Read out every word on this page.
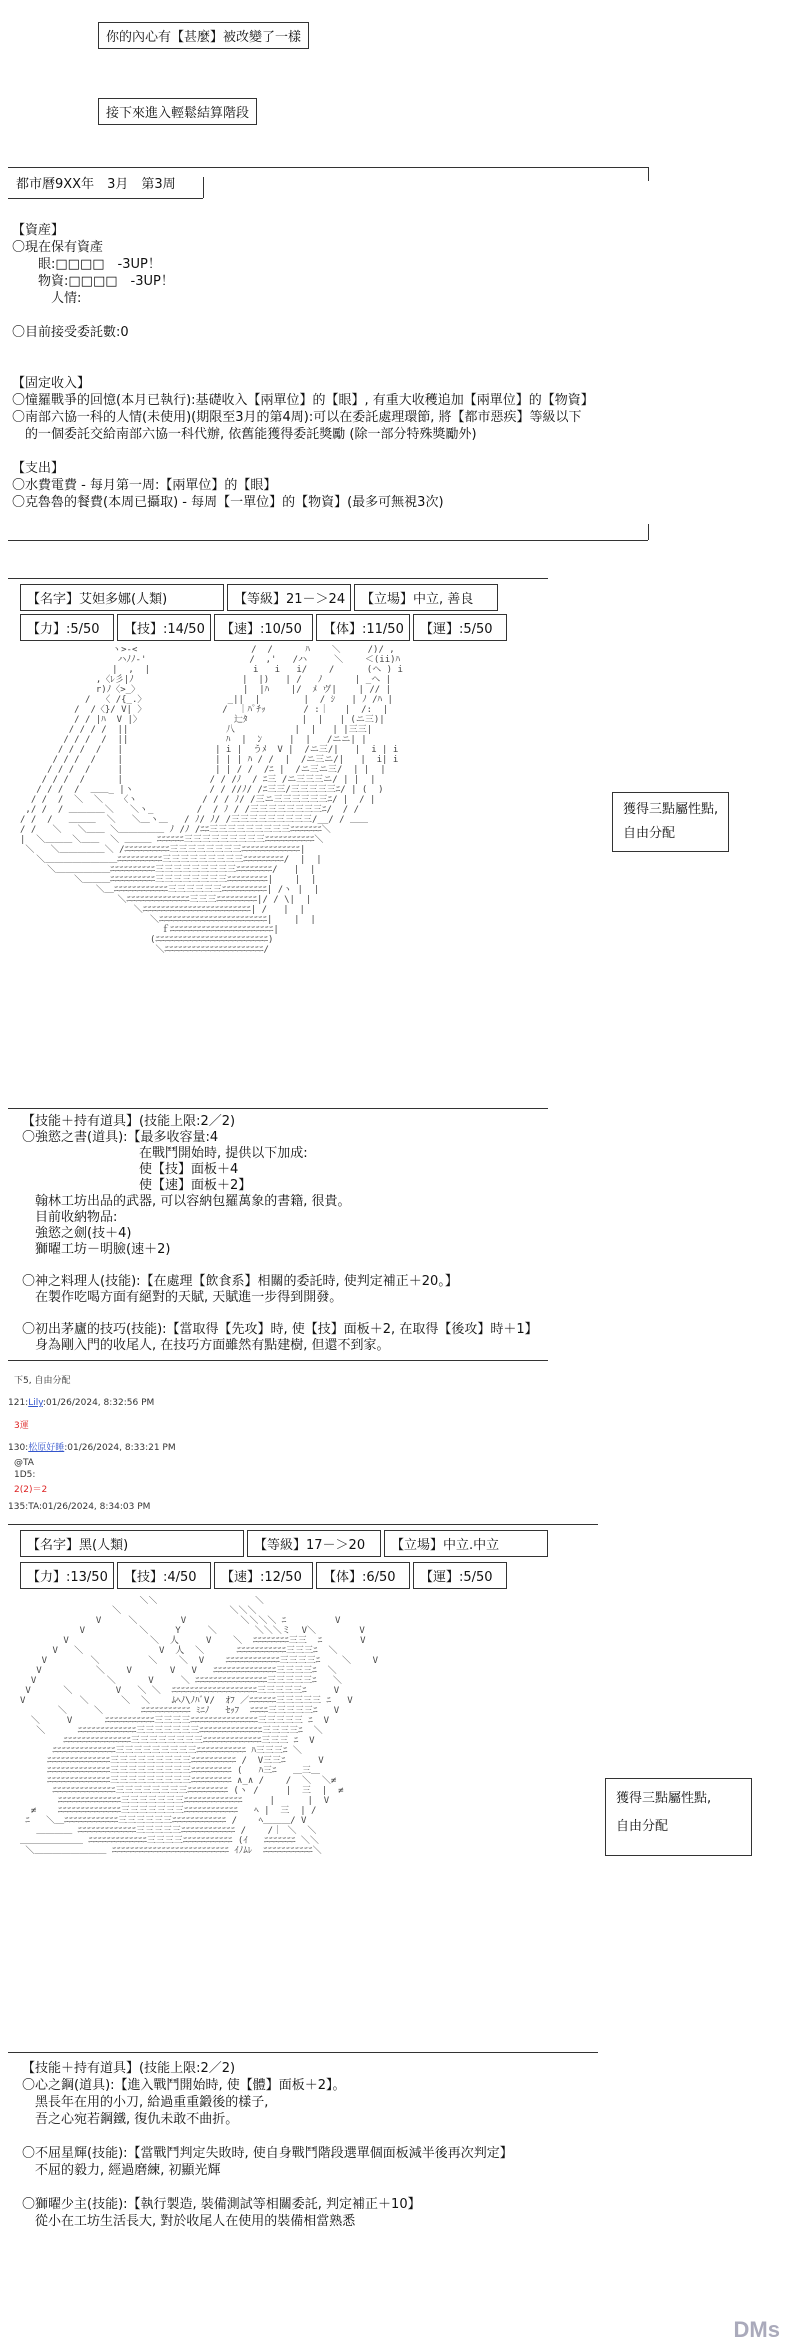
你的內心有【甚麼】被改變了一樣
接下來進入輕鬆結算階段
都市曆9XX年　3月　第3周
【資産】
〇現在保有資產
　　眼:□□□□　-3UP！
　　物資:□□□□　-3UP！
　　　人情:

〇目前接受委託數:0

【固定收入】
〇憧羅戰爭的回憶(本月已執行):基礎收入【兩單位】的【眼】, 有重大收穫追加【兩單位】的【物資】
〇南部六協一科的人情(未使用)(期限至3月的第4周):可以在委託處理環節, 將【都市惡疾】等級以下
　的一個委託交給南部六協一科代辦, 依舊能獲得委託獎勵 (除一部分特殊獎勵外)

【支出】
〇水費電費 - 每月第一周:【兩單位】的【眼】
〇克魯魯的餐費(本周已攝取) - 每周【一單位】的【物資】(最多可無視3次)
【名字】艾妲多娜(人類)	【等級】21－＞24	【立場】中立, 善良
【力】:5/50	【技】:14/50	【速】:10/50	【体】:11/50	【運】:5/50
ヽ>-<                     /  /      ﾊ    ＼     /)/ ,
ハﾉﾉ-'                   /  ,'   /ハ     ＼    ＜(ii)ﾊ
|  ,  |                   i   i   i/    /      (ヘ ) i
,〈ﾚ彡|ﾉ                    |  |)   | /   ﾉ      | _ヘ |
r)ﾉ〈>_〉                   |  |ﾊ    |/  ﾒ ヴ|    | // |
/  〈 /{_.〉               _||  |        |  / ｼ   | ﾉ /ﾊ |
/  /〈}/ V| 〉              /  ｜ﾊﾟﾁｯ       / :｜   |  /:  |
/ / |ﾊ  V |〉                 辷ﾀ          |  |   | (ニ三)|
/ / / /  ||                  八           |  |   | |三三|
/ / /  /  ||                  ﾊ  |  ﾝ     |  |   /ニニ| |
/ / /  /   |                 | i |  うﾒ  V |  /ニ三/|   |  i | i
/ / /  /    |                 | | | ﾊ / /  |  /ニ三ニ/|   |  i| i
/ / /  /     |                 | | / /  /ﾆ |  /ニ三ニ三/  | |  |
/ / /  /      |                / / /ﾉ  / ﾆ三 /ニ三三三ニ/ | |  |
/ / /  /  ＿＿_ |ヽ              / / //ﾉ/ /ﾆ三三/三三三三三ﾆ/ | (  )
/ /  /  ＼  ＼   〈ヽ            / / / ﾉ/ /三ニ三三三三三三ﾆ/ |  / |
,/ /  / ＿＿＿＿＼   ＼ヽ_        /  / ﾉ / /三三三三三三三三ﾆ/  / /
/ /  /   ＿＿＿  ＼   ＼＿ヽ＿   / ﾉ/ ﾉ/ /三三三三三三三三三/__/ / ＿＿
/ /   ＼   ＼＿＿ ＼＿＿＿＿＿ ﾉ /ﾉ /ﾆﾆ三三三三三三三三三ﾆﾆﾆﾆﾆﾆﾆ＼
|  ＼＿＿＿＼＿＿  ＼ ＿＿＿ ﾆﾆﾆﾆﾆﾆ三三三三三三三三三ﾆﾆﾆﾆﾆﾆﾆﾆﾆﾆﾆ＼
＼   ＼＿＿＿＿＿＼ /ﾆﾆﾆﾆﾆﾆﾆﾆﾆﾆ三三三三三三三三ﾆﾆﾆﾆﾆﾆﾆﾆﾆﾆﾆﾆﾆ|
＼＿＿＿＿＿＿＿＿ﾆﾆﾆﾆﾆﾆﾆﾆﾆﾆ三三三三三三三三三ﾆﾆﾆﾆﾆﾆﾆﾆﾆ/  |  |
＼＿＿＿＿＿＿ﾆﾆﾆﾆﾆﾆﾆﾆﾆﾆ三三三三三三三三三ﾆﾆﾆﾆﾆﾆﾆﾆ/   |  |
＼＿＿＿ﾆﾆﾆﾆﾆﾆﾆﾆﾆﾆ三三三三三三三三ﾆﾆﾆﾆﾆﾆﾆﾆﾆ|    |  |
＼＿ﾆﾆﾆﾆﾆﾆﾆﾆﾆﾆﾆﾆ三三三三三三ﾆﾆﾆﾆﾆﾆﾆﾆﾆﾆ| /ヽ |  |
＼ﾆﾆﾆﾆﾆﾆﾆﾆﾆﾆﾆﾆﾆﾆ三三三ﾆﾆﾆﾆﾆﾆﾆﾆﾆ|/ / \|  |
＼ﾆﾆﾆﾆﾆﾆﾆﾆﾆﾆﾆﾆﾆﾆﾆﾆﾆﾆﾆﾆﾆﾆﾆﾆ| /   |  |
＼ﾆﾆﾆﾆﾆﾆﾆﾆﾆﾆﾆﾆﾆﾆﾆﾆﾆﾆﾆﾆﾆﾆﾆﾆ|    |  |
ｆﾆﾆﾆﾆﾆﾆﾆﾆﾆﾆﾆﾆﾆﾆﾆﾆﾆﾆﾆﾆﾆﾆﾆ|
(ﾆﾆﾆﾆﾆﾆﾆﾆﾆﾆﾆﾆﾆﾆﾆﾆﾆﾆﾆﾆﾆﾆﾆﾆﾆ)
＼ﾆﾆﾆﾆﾆﾆﾆﾆﾆﾆﾆﾆﾆﾆﾆﾆﾆﾆﾆﾆﾆﾆ/
獲得三點屬性點,
自由分配
【技能＋持有道具】(技能上限:2／2)
〇強慾之書(道具):【最多收容量:4
　　　　　　　　　在戰鬥開始時, 提供以下加成:
　　　　　　　　　使【技】面板＋4
　　　　　　　　　使【速】面板＋2】
　翰林工坊出品的武器, 可以容納包羅萬象的書籍, 很貴。
　目前收納物品:
　強慾之劍(技＋4)
　獅曜工坊－明臉(速＋2)

〇神之料理人(技能):【在處理【飲食系】相關的委託時, 使判定補正＋20。】
　在製作吃喝方面有絕對的天賦, 天賦進一步得到開發。

〇初出茅廬的技巧(技能):【當取得【先攻】時, 使【技】面板＋2, 在取得【後攻】時＋1】
　身為剛入門的收尾人, 在技巧方面雖然有點建樹, 但還不到家。
下5, 自由分配
121:Lily:01/26/2024, 8:32:56 PM
3運
130:松原好睡:01/26/2024, 8:33:21 PM
@TA
1D5:
2(2)＝2
135:TA:01/26/2024, 8:34:03 PM
【名字】黑(人類)	【等級】17－＞20	【立場】中立.中立
【力】:13/50	【技】:4/50	【速】:12/50	【体】:6/50	【運】:5/50
＼＼                  ＼
＼                    ＼＼＼
V     ＼        V          ＼＼＼＼ ﾆ         V
V          ＼     Y     ＼       ＼＼＼ミ  V＼        V
V               ＼  人     V    ＼  ﾆﾆﾆﾆﾆﾆﾆﾆ三三  ﾆ       V
V   ＼              V  人  ＼      ﾆﾆﾆﾆﾆﾆﾆﾆﾆﾆﾆ三三三ﾆ  ＼
V        ＼         ＼    ＼  V    ﾆﾆﾆﾆﾆﾆﾆﾆﾆﾆﾆﾆ三三三三ﾆ    ＼    V
V          ＼    V       V   V   ﾆﾆﾆﾆﾆﾆﾆﾆﾆﾆﾆﾆﾆﾆ三三三三ﾆ  ＼
V             ＼      V     ＼ ﾆﾆﾆﾆﾆﾆﾆﾆﾆﾆﾆﾆﾆﾆﾆﾆ三三三三三ﾆ   ＼
V      ＼        V   ＼ ＼  ﾆﾆﾆﾆﾆﾆﾆﾆﾆﾆﾆﾆﾆﾆﾆﾆﾆﾆﾆ三三三三三ﾆ     V
V          ＼      ＼  ＼    ﾑﾍﾉ\ﾉﾊﾞV/  ｵﾌ ／ﾆﾆﾆﾆﾆﾆ三三三三三 ﾆ   V
＼     ＼       ﾆﾆﾆﾆﾆﾆﾆﾆﾆﾆﾆ ﾐﾆﾉ   ｾｯﾌ  ﾆﾆﾆﾆ三三三三三ﾆ   V
＼     V      ﾆﾆﾆﾆﾆﾆﾆﾆﾆﾆﾆ三三三三ﾆﾆﾆﾆﾆﾆﾆﾆﾆﾆﾆﾆﾆﾆﾆ三三三三三 ﾆ  V
＼      ﾆﾆﾆﾆﾆﾆﾆﾆﾆﾆﾆﾆﾆ三三三三三三三ﾆﾆﾆﾆﾆﾆﾆﾆﾆﾆﾆﾆﾆﾆ三三三三ﾆ  ＼
ﾆﾆﾆﾆﾆﾆﾆﾆﾆﾆﾆﾆﾆﾆﾆ三三三三三三三三ﾆﾆﾆﾆﾆﾆﾆﾆﾆﾆﾆﾆﾆ三三三 ﾆ  V
ﾆﾆﾆﾆﾆﾆﾆﾆﾆﾆﾆﾆﾆﾆ三三三三三三三三三ﾆﾆﾆﾆﾆﾆﾆﾆﾆﾆﾆ ﾊ三三三ﾆ ＼
ﾆﾆﾆﾆﾆﾆﾆﾆﾆﾆﾆﾆﾆﾆ三三三三三三三三三ﾆﾆﾆﾆﾆﾆﾆﾆﾆﾆ /  V三三ﾆ      V
ﾆﾆﾆﾆﾆﾆﾆﾆﾆﾆﾆﾆﾆﾆ三三三三三三三三三ﾆﾆﾆﾆﾆﾆﾆﾆﾆ (   ﾊ三ﾆ   ＿三＿
ﾆﾆﾆﾆﾆﾆﾆﾆﾆﾆﾆﾆﾆﾆ三三三三三三三三三ﾆﾆﾆﾆﾆﾆﾆﾆﾆ ∧_∧ /    /  ＼  ＼≠
ﾆﾆﾆﾆﾆﾆﾆﾆﾆﾆﾆﾆﾆﾆ三三三三三三三三ﾆﾆﾆﾆﾆﾆﾆﾆﾆ (ヽ /     |  三  |  ≠
ﾆﾆﾆﾆﾆﾆﾆﾆﾆﾆﾆﾆﾆﾆ三三三三三三三ﾆﾆﾆﾆﾆﾆﾆﾆﾆﾆﾆﾆﾆ     |      |  V
≠    ﾆﾆﾆﾆﾆﾆﾆﾆﾆﾆﾆﾆﾆﾆ三三三三三三三ﾆﾆﾆﾆﾆﾆﾆﾆﾆﾆﾆﾆ   ﾍ |  三  | /
ﾆ   ＼＿ﾆﾆﾆﾆﾆﾆﾆﾆﾆﾆﾆﾆ三三三三三三ﾆﾆﾆﾆﾆﾆﾆﾆﾆﾆﾆﾆ /    ﾍ＿＿＿/ V
＿＿＿＿ ﾆﾆﾆﾆﾆﾆﾆﾆﾆﾆﾆﾆﾆ三三三三三ﾆﾆﾆﾆﾆﾆﾆﾆﾆﾆﾆﾆ /    /｜ ＼  ＼
＿＿＿＿＿＿＿ ﾆﾆﾆﾆﾆﾆﾆﾆﾆﾆﾆﾆﾆ三三三三ﾆﾆﾆﾆﾆﾆﾆﾆﾆﾆﾆ (ｲ   ﾆﾆﾆﾆﾆﾆﾆ ＼＼
＼＿＿＿＿＿＿＿＿ ﾆﾆﾆﾆﾆﾆﾆﾆﾆﾆﾆﾆﾆﾆﾆﾆﾆﾆﾆﾆﾆﾆﾆﾆﾆﾆ ｲﾉﾑﾚ  ﾆﾆﾆﾆﾆﾆﾆﾆﾆﾆﾆ＼
獲得三點屬性點,
自由分配
【技能＋持有道具】(技能上限:2／2)
〇心之鋼(道具):【進入戰鬥開始時, 使【體】面板＋2】。
　黑長年在用的小刀, 給過重重鍛後的樣子,
　吾之心宛若鋼鐵, 復仇未敢不曲折。

〇不屈星輝(技能):【當戰鬥判定失敗時, 使自身戰鬥階段選單個面板減半後再次判定】
　不屈的毅力, 經過磨練, 初顯光輝

〇獅曜少主(技能):【執行製造, 裝備測試等相關委託, 判定補正＋10】
　從小在工坊生活長大, 對於收尾人在使用的裝備相當熟悉
DMs
